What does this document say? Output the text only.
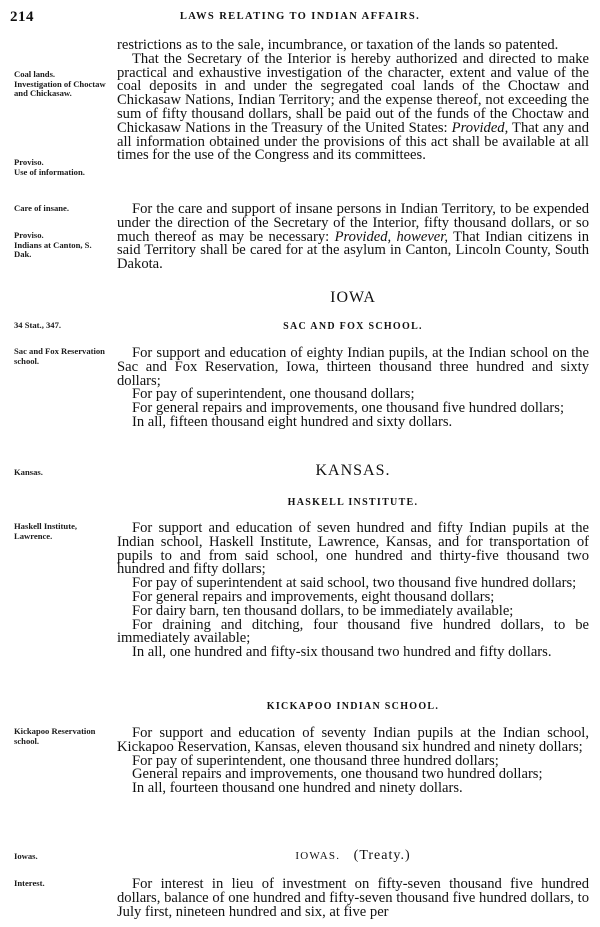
214	LAWS RELATING TO INDIAN AFFAIRS.

restrictions as to the sale, incumbrance, or taxation of the lands so patented.

That the Secretary of the Interior is hereby authorized and directed to make practical and exhaustive investigation of the character, extent and value of the coal deposits in and under the segregated coal lands of the Choctaw and Chickasaw Nations, Indian Territory; and the expense thereof, not exceeding the sum of fifty thousand dollars, shall be paid out of the funds of the Choctaw and Chickasaw Nations in the Treasury of the United States: Provided, That any and all information obtained under the provisions of this act shall be available at all times for the use of the Congress and its committees.

Coal lands.
Investigation of Choctaw and Chickasaw.
Proviso.
Use of information.

For the care and support of insane persons in Indian Territory, to be expended under the direction of the Secretary of the Interior, fifty thousand dollars, or so much thereof as may be necessary: Provided, however, That Indian citizens in said Territory shall be cared for at the asylum in Canton, Lincoln County, South Dakota.

Care of insane.
Proviso.
Indians at Canton, S. Dak.
IOWA
34 Stat., 347.	SAC AND FOX SCHOOL.
Sac and Fox Reservation school.	For support and education of eighty Indian pupils, at the Indian school on the Sac and Fox Reservation, Iowa, thirteen thousand three hundred and sixty dollars;

For pay of superintendent, one thousand dollars;

For general repairs and improvements, one thousand five hundred dollars;

In all, fifteen thousand eight hundred and sixty dollars.

Kansas.	KANSAS.
HASKELL INSTITUTE.
Haskell Institute, Lawrence.	For support and education of seven hundred and fifty Indian pupils at the Indian school, Haskell Institute, Lawrence, Kansas, and for transportation of pupils to and from said school, one hundred and thirty-five thousand two hundred and fifty dollars;

For pay of superintendent at said school, two thousand five hundred dollars;

For general repairs and improvements, eight thousand dollars;

For dairy barn, ten thousand dollars, to be immediately available;

For draining and ditching, four thousand five hundred dollars, to be immediately available;

In all, one hundred and fifty-six thousand two hundred and fifty dollars.

KICKAPOO INDIAN SCHOOL.
Kickapoo Reservation school.	For support and education of seventy Indian pupils at the Indian school, Kickapoo Reservation, Kansas, eleven thousand six hundred and ninety dollars;

For pay of superintendent, one thousand three hundred dollars;

General repairs and improvements, one thousand two hundred dollars;

In all, fourteen thousand one hundred and ninety dollars.

Iowas.	IOWAS. (Treaty.)
Interest.	For interest in lieu of investment on fifty-seven thousand five hundred dollars, balance of one hundred and fifty-seven thousand five hundred dollars, to July first, nineteen hundred and six, at five per
